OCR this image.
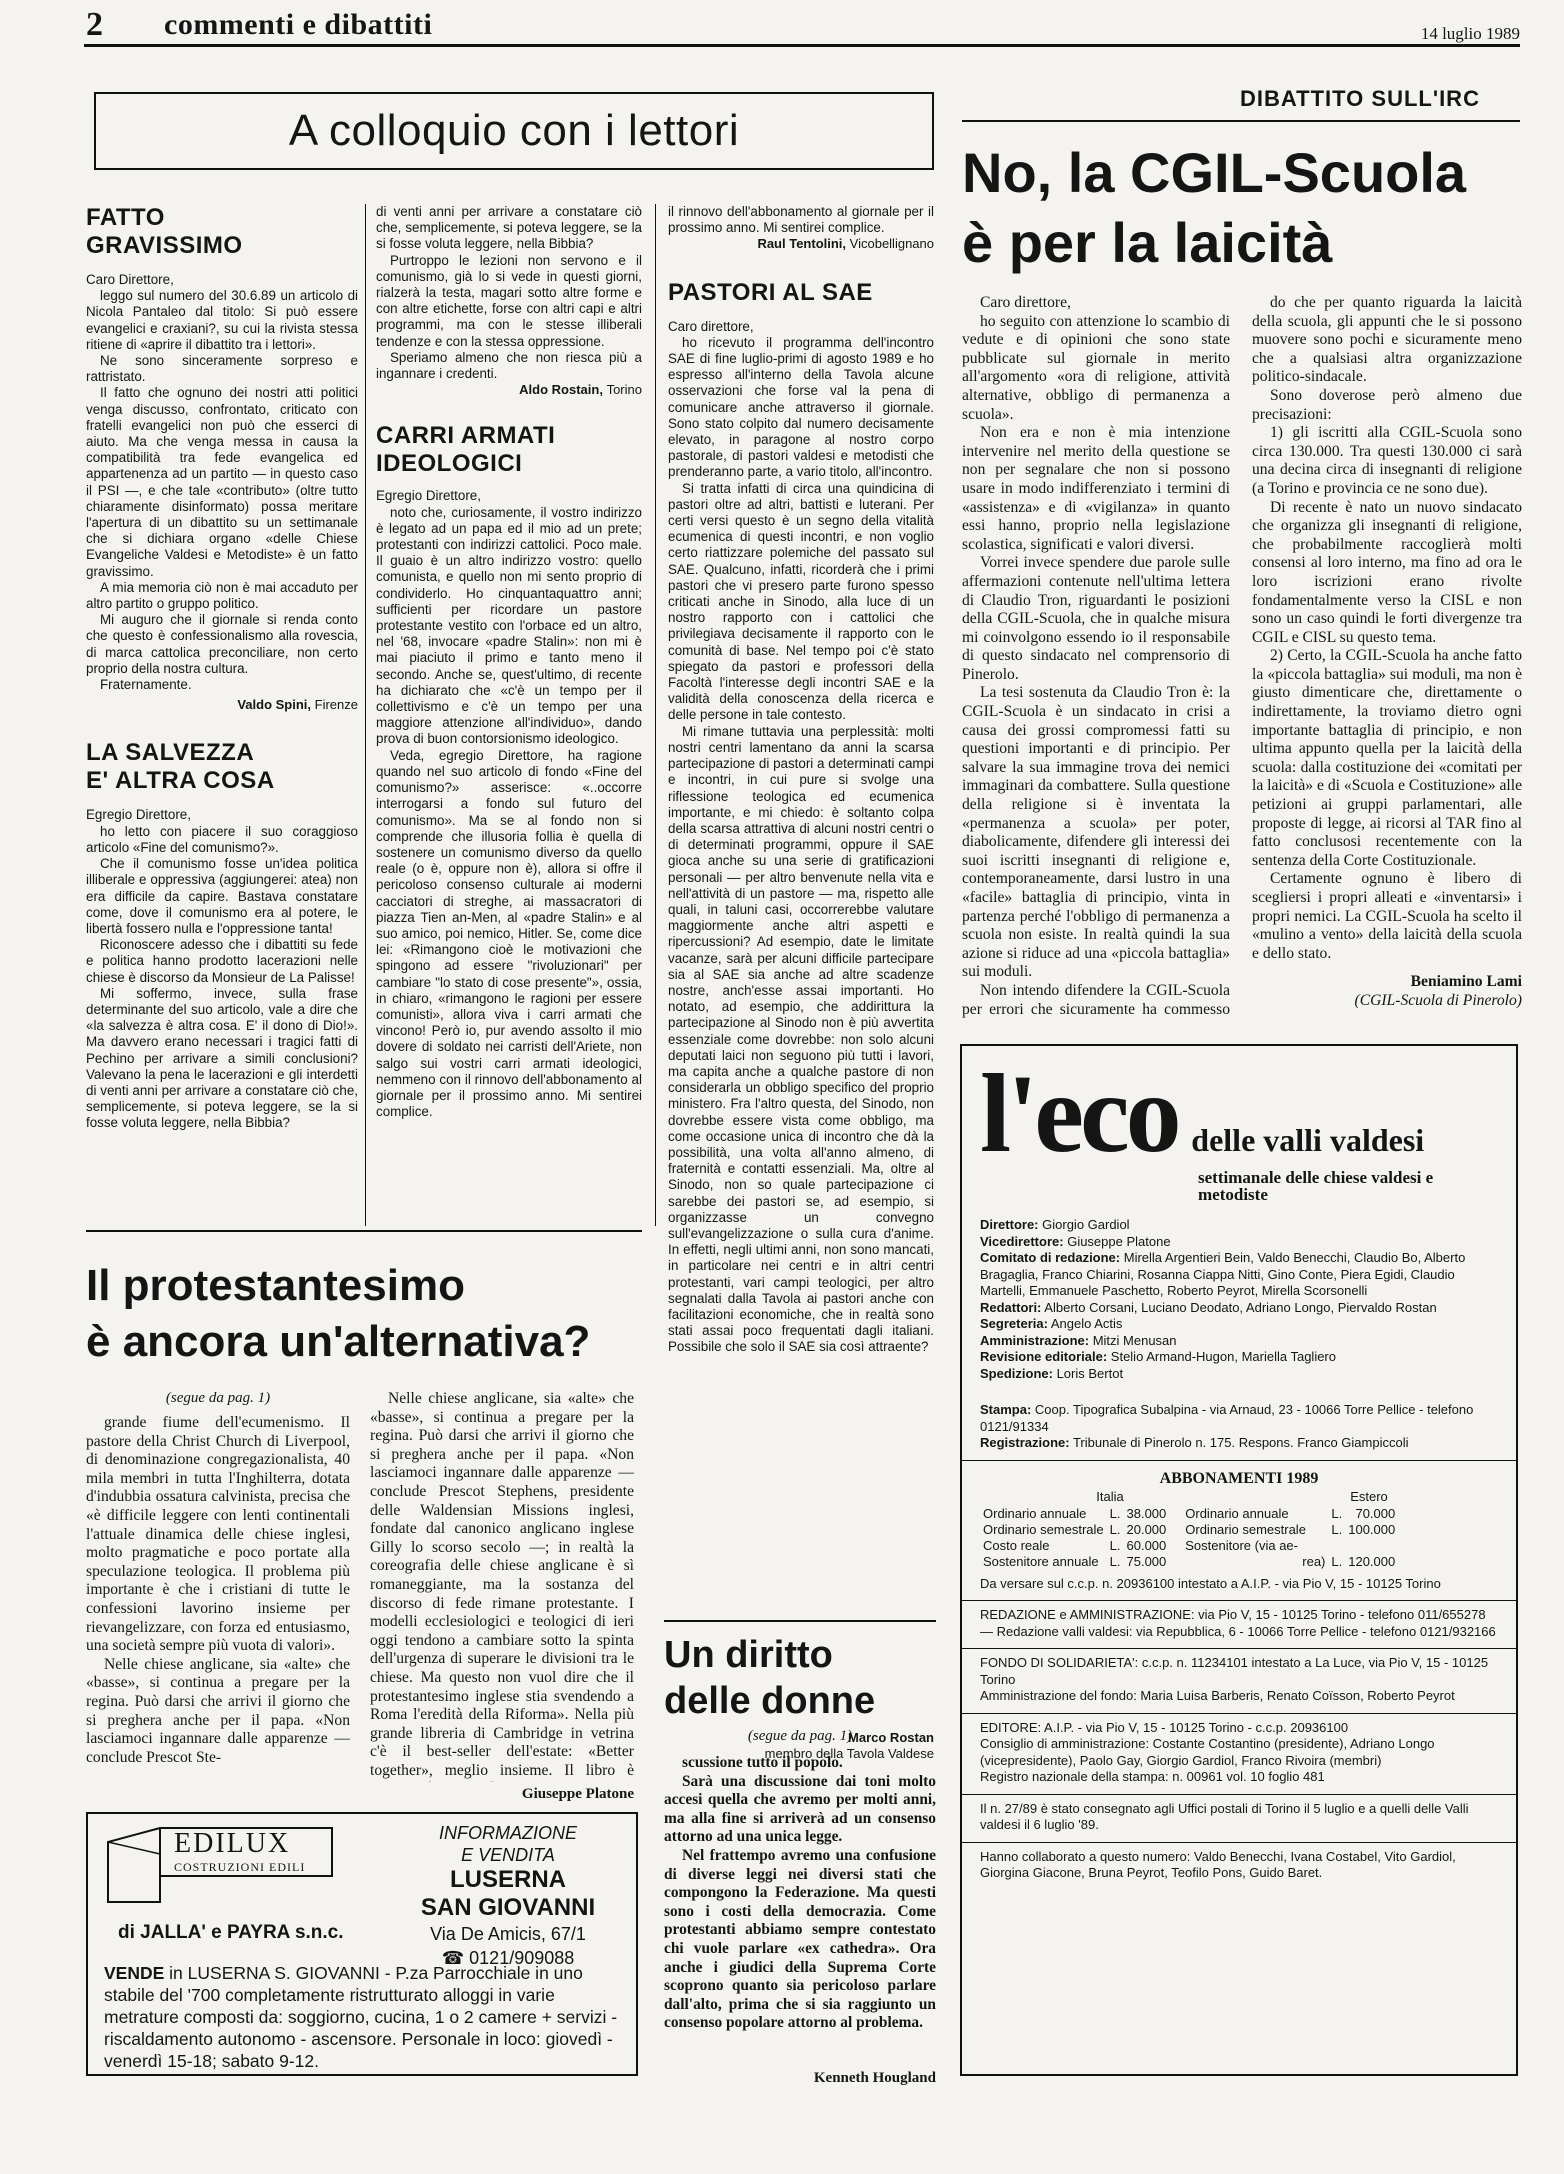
2 commenti e dibattiti	14 luglio 1989
A colloquio con i lettori
FATTO
GRAVISSIMO

Caro Direttore,

leggo sul numero del 30.6.89 un articolo di Nicola Pantaleo dal titolo: Si può essere evangelici e craxiani?, su cui la rivista stessa ritiene di «aprire il dibattito tra i lettori».

Ne sono sinceramente sorpreso e rattristato.

Il fatto che ognuno dei nostri atti politici venga discusso, confrontato, criticato con fratelli evangelici non può che esserci di aiuto. Ma che venga messa in causa la compatibilità tra fede evangelica ed appartenenza ad un partito — in questo caso il PSI —, e che tale «contributo» (oltre tutto chiaramente disinformato) possa meritare l'apertura di un dibattito su un settimanale che si dichiara organo «delle Chiese Evangeliche Valdesi e Metodiste» è un fatto gravissimo.

A mia memoria ciò non è mai accaduto per altro partito o gruppo politico.

Mi auguro che il giornale si renda conto che questo è confessionalismo alla rovescia, di marca cattolica preconciliare, non certo proprio della nostra cultura.

Fraternamente.

Valdo Spini, Firenze
LA SALVEZZA
E' ALTRA COSA

Egregio Direttore,

ho letto con piacere il suo coraggioso articolo «Fine del comunismo?».

Che il comunismo fosse un'idea politica illiberale e oppressiva (aggiungerei: atea) non era difficile da capire. Bastava constatare come, dove il comunismo era al potere, le libertà fossero nulla e l'oppressione tanta!

Riconoscere adesso che i dibattiti su fede e politica hanno prodotto lacerazioni nelle chiese è discorso da Monsieur de La Palisse!

Mi soffermo, invece, sulla frase determinante del suo articolo, vale a dire che «la salvezza è altra cosa. E' il dono di Dio!». Ma davvero erano necessari i tragici fatti di Pechino per arrivare a simili conclusioni? Valevano la pena le lacerazioni e gli interdetti di venti anni per arrivare a constatare ciò che, semplicemente, si poteva leggere, se la si fosse voluta leggere, nella Bibbia?

di venti anni per arrivare a constatare ciò che, semplicemente, si poteva leggere, se la si fosse voluta leggere, nella Bibbia?

Purtroppo le lezioni non servono e il comunismo, già lo si vede in questi giorni, rialzerà la testa, magari sotto altre forme e con altre etichette, forse con altri capi e altri programmi, ma con le stesse illiberali tendenze e con la stessa oppressione.

Speriamo almeno che non riesca più a ingannare i credenti.

Aldo Rostain, Torino
CARRI ARMATI
IDEOLOGICI

Egregio Direttore,

noto che, curiosamente, il vostro indirizzo è legato ad un papa ed il mio ad un prete; protestanti con indirizzi cattolici. Poco male. Il guaio è un altro indirizzo vostro: quello comunista, e quello non mi sento proprio di condividerlo. Ho cinquantaquattro anni; sufficienti per ricordare un pastore protestante vestito con l'orbace ed un altro, nel '68, invocare «padre Stalin»: non mi è mai piaciuto il primo e tanto meno il secondo. Anche se, quest'ultimo, di recente ha dichiarato che «c'è un tempo per il collettivismo e c'è un tempo per una maggiore attenzione all'individuo», dando prova di buon contorsionismo ideologico.

Veda, egregio Direttore, ha ragione quando nel suo articolo di fondo «Fine del comunismo?» asserisce: «..occorre interrogarsi a fondo sul futuro del comunismo». Ma se al fondo non si comprende che illusoria follia è quella di sostenere un comunismo diverso da quello reale (o è, oppure non è), allora si offre il pericoloso consenso culturale ai moderni cacciatori di streghe, ai massacratori di piazza Tien an-Men, al «padre Stalin» e al suo amico, poi nemico, Hitler. Se, come dice lei: «Rimangono cioè le motivazioni che spingono ad essere "rivoluzionari" per cambiare "lo stato di cose presente"», ossia, in chiaro, «rimangono le ragioni per essere comunisti», allora viva i carri armati che vincono! Però io, pur avendo assolto il mio dovere di soldato nei carristi dell'Ariete, non salgo sui vostri carri armati ideologici, nemmeno con il rinnovo dell'abbonamento al giornale per il prossimo anno. Mi sentirei complice.

il rinnovo dell'abbonamento al giornale per il prossimo anno. Mi sentirei complice.

Raul Tentolini, Vicobellignano
PASTORI AL SAE

Caro direttore,

ho ricevuto il programma dell'incontro SAE di fine luglio-primi di agosto 1989 e ho espresso all'interno della Tavola alcune osservazioni che forse val la pena di comunicare anche attraverso il giornale. Sono stato colpito dal numero decisamente elevato, in paragone al nostro corpo pastorale, di pastori valdesi e metodisti che prenderanno parte, a vario titolo, all'incontro.

Si tratta infatti di circa una quindicina di pastori oltre ad altri, battisti e luterani. Per certi versi questo è un segno della vitalità ecumenica di questi incontri, e non voglio certo riattizzare polemiche del passato sul SAE. Qualcuno, infatti, ricorderà che i primi pastori che vi presero parte furono spesso criticati anche in Sinodo, alla luce di un nostro rapporto con i cattolici che privilegiava decisamente il rapporto con le comunità di base. Nel tempo poi c'è stato spiegato da pastori e professori della Facoltà l'interesse degli incontri SAE e la validità della conoscenza della ricerca e delle persone in tale contesto.

Mi rimane tuttavia una perplessità: molti nostri centri lamentano da anni la scarsa partecipazione di pastori a determinati campi e incontri, in cui pure si svolge una riflessione teologica ed ecumenica importante, e mi chiedo: è soltanto colpa della scarsa attrattiva di alcuni nostri centri o di determinati programmi, oppure il SAE gioca anche su una serie di gratificazioni personali — per altro benvenute nella vita e nell'attività di un pastore — ma, rispetto alle quali, in taluni casi, occorrerebbe valutare maggiormente anche altri aspetti e ripercussioni? Ad esempio, date le limitate vacanze, sarà per alcuni difficile partecipare sia al SAE sia anche ad altre scadenze nostre, anch'esse assai importanti. Ho notato, ad esempio, che addirittura la partecipazione al Sinodo non è più avvertita essenziale come dovrebbe: non solo alcuni deputati laici non seguono più tutti i lavori, ma capita anche a qualche pastore di non considerarla un obbligo specifico del proprio ministero. Fra l'altro questa, del Sinodo, non dovrebbe essere vista come obbligo, ma come occasione unica di incontro che dà la possibilità, una volta all'anno almeno, di fraternità e contatti essenziali. Ma, oltre al Sinodo, non so quale partecipazione ci sarebbe dei pastori se, ad esempio, si organizzasse un convegno sull'evangelizzazione o sulla cura d'anime. In effetti, negli ultimi anni, non sono mancati, in particolare nei centri e in altri centri protestanti, vari campi teologici, per altro segnalati dalla Tavola ai pastori anche con facilitazioni economiche, che in realtà sono stati assai poco frequentati dagli italiani. Possibile che solo il SAE sia così attraente?

Marco Rostan
membro della Tavola Valdese
DIBATTITO SULL'IRC
No, la CGIL-Scuola
è per la laicità

Caro direttore,

ho seguito con attenzione lo scambio di vedute e di opinioni che sono state pubblicate sul giornale in merito all'argomento «ora di religione, attività alternative, obbligo di permanenza a scuola».

Non era e non è mia intenzione intervenire nel merito della questione se non per segnalare che non si possono usare in modo indifferenziato i termini di «assistenza» e di «vigilanza» in quanto essi hanno, proprio nella legislazione scolastica, significati e valori diversi.

Vorrei invece spendere due parole sulle affermazioni contenute nell'ultima lettera di Claudio Tron, riguardanti le posizioni della CGIL-Scuola, che in qualche misura mi coinvolgono essendo io il responsabile di questo sindacato nel comprensorio di Pinerolo.

La tesi sostenuta da Claudio Tron è: la CGIL-Scuola è un sindacato in crisi a causa dei grossi compromessi fatti su questioni importanti e di principio. Per salvare la sua immagine trova dei nemici immaginari da combattere. Sulla questione della religione si è inventata la «permanenza a scuola» per poter, diabolicamente, difendere gli interessi dei suoi iscritti insegnanti di religione e, contemporaneamente, darsi lustro in una «facile» battaglia di principio, vinta in partenza perché l'obbligo di permanenza a scuola non esiste. In realtà quindi la sua azione si riduce ad una «piccola battaglia» sui moduli.

Non intendo difendere la CGIL-Scuola per errori che sicuramente ha commesso

do che per quanto riguarda la laicità della scuola, gli appunti che le si possono muovere sono pochi e sicuramente meno che a qualsiasi altra organizzazione politico-sindacale.

Sono doverose però almeno due precisazioni:

1) gli iscritti alla CGIL-Scuola sono circa 130.000. Tra questi 130.000 ci sarà una decina circa di insegnanti di religione (a Torino e provincia ce ne sono due).

Di recente è nato un nuovo sindacato che organizza gli insegnanti di religione, che probabilmente raccoglierà molti consensi al loro interno, ma fino ad ora le loro iscrizioni erano rivolte fondamentalmente verso la CISL e non sono un caso quindi le forti divergenze tra CGIL e CISL su questo tema.

2) Certo, la CGIL-Scuola ha anche fatto la «piccola battaglia» sui moduli, ma non è giusto dimenticare che, direttamente o indirettamente, la troviamo dietro ogni importante battaglia di principio, e non ultima appunto quella per la laicità della scuola: dalla costituzione dei «comitati per la laicità» e di «Scuola e Costituzione» alle petizioni ai gruppi parlamentari, alle proposte di legge, ai ricorsi al TAR fino al fatto conclusosi recentemente con la sentenza della Corte Costituzionale.

Certamente ognuno è libero di scegliersi i propri alleati e «inventarsi» i propri nemici. La CGIL-Scuola ha scelto il «mulino a vento» della laicità della scuola e dello stato.

Beniamino Lami
(CGIL-Scuola di Pinerolo)
l'eco delle valli valdesi
settimanale delle chiese valdesi e metodiste

Direttore: Giorgio Gardiol

Vicedirettore: Giuseppe Platone

Comitato di redazione: Mirella Argentieri Bein, Valdo Benecchi, Claudio Bo, Alberto Bragaglia, Franco Chiarini, Rosanna Ciappa Nitti, Gino Conte, Piera Egidi, Claudio Martelli, Emmanuele Paschetto, Roberto Peyrot, Mirella Scorsonelli

Redattori: Alberto Corsani, Luciano Deodato, Adriano Longo, Piervaldo Rostan

Segreteria: Angelo Actis

Amministrazione: Mitzi Menusan

Revisione editoriale: Stelio Armand-Hugon, Mariella Tagliero

Spedizione: Loris Bertot

Stampa: Coop. Tipografica Subalpina - via Arnaud, 23 - 10066 Torre Pellice - telefono 0121/91334

Registrazione: Tribunale di Pinerolo n. 175. Respons. Franco Giampiccoli

ABBONAMENTI 1989
Italia	Estero
Ordinario annuale	L.	38.000	Ordinario annuale	L.	70.000
Ordinario semestrale	L.	20.000	Ordinario semestrale	L.	100.000
Costo reale	L.	60.000	Sostenitore (via ae-		
Sostenitore annuale	L.	75.000	rea)	L.	120.000

Da versare sul c.c.p. n. 20936100 intestato a A.I.P. - via Pio V, 15 - 10125 Torino

REDAZIONE e AMMINISTRAZIONE: via Pio V, 15 - 10125 Torino - telefono 011/655278 — Redazione valli valdesi: via Repubblica, 6 - 10066 Torre Pellice - telefono 0121/932166

FONDO DI SOLIDARIETA': c.c.p. n. 11234101 intestato a La Luce, via Pio V, 15 - 10125 Torino

Amministrazione del fondo: Maria Luisa Barberis, Renato Coïsson, Roberto Peyrot

EDITORE: A.I.P. - via Pio V, 15 - 10125 Torino - c.c.p. 20936100

Consiglio di amministrazione: Costante Costantino (presidente), Adriano Longo (vicepresidente), Paolo Gay, Giorgio Gardiol, Franco Rivoira (membri)

Registro nazionale della stampa: n. 00961 vol. 10 foglio 481

Il n. 27/89 è stato consegnato agli Uffici postali di Torino il 5 luglio e a quelli delle Valli valdesi il 6 luglio '89.

Hanno collaborato a questo numero: Valdo Benecchi, Ivana Costabel, Vito Gardiol, Giorgina Giacone, Bruna Peyrot, Teofilo Pons, Guido Baret.

Il protestantesimo
è ancora un'alternativa?
(segue da pag. 1)

grande fiume dell'ecumenismo. Il pastore della Christ Church di Liverpool, di denominazione congregazionalista, 40 mila membri in tutta l'Inghilterra, dotata d'indubbia ossatura calvinista, precisa che «è difficile leggere con lenti continentali l'attuale dinamica delle chiese inglesi, molto pragmatiche e poco portate alla speculazione teologica. Il problema più importante è che i cristiani di tutte le confessioni lavorino insieme per rievangelizzare, con forza ed entusiasmo, una società sempre più vuota di valori».

Nelle chiese anglicane, sia «alte» che «basse», si continua a pregare per la regina. Può darsi che arrivi il giorno che si preghera anche per il papa. «Non lasciamoci ingannare dalle apparenze — conclude Prescot Ste-

Nelle chiese anglicane, sia «alte» che «basse», si continua a pregare per la regina. Può darsi che arrivi il giorno che si preghera anche per il papa. «Non lasciamoci ingannare dalle apparenze — conclude Prescot Stephens, presidente delle Waldensian Missions inglesi, fondate dal canonico anglicano inglese Gilly lo scorso secolo —; in realtà la coreografia delle chiese anglicane è sì romaneggiante, ma la sostanza del discorso di fede rimane protestante. I modelli ecclesiologici e teologici di ieri oggi tendono a cambiare sotto la spinta dell'urgenza di superare le divisioni tra le chiese. Ma questo non vuol dire che il protestantesimo inglese stia svendendo a Roma l'eredità della Riforma». Nella più grande libreria di Cambridge in vetrina c'è il best-seller dell'estate: «Better together», meglio insieme. Il libro è

Giuseppe Platone
Un diritto
delle donne
(segue da pag. 1)

scussione tutto il popolo.

Sarà una discussione dai toni molto accesi quella che avremo per molti anni, ma alla fine si arriverà ad un consenso attorno ad una unica legge.

Nel frattempo avremo una confusione di diverse leggi nei diversi stati che compongono la Federazione. Ma questi sono i costi della democrazia. Come protestanti abbiamo sempre contestato chi vuole parlare «ex cathedra». Ora anche i giudici della Suprema Corte scoprono quanto sia pericoloso parlare dall'alto, prima che si sia raggiunto un consenso popolare attorno al problema.

Kenneth Hougland
EDILUX
COSTRUZIONI EDILI
di JALLA' e PAYRA s.n.c.
INFORMAZIONE
E VENDITA
LUSERNA
SAN GIOVANNI
Via De Amicis, 67/1
☎ 0121/909088
VENDE in LUSERNA S. GIOVANNI - P.za Parrocchiale in uno stabile del '700 completamente ristrutturato alloggi in varie metrature composti da: soggiorno, cucina, 1 o 2 camere + servizi - riscaldamento autonomo - ascensore. Personale in loco: giovedì - venerdì 15-18; sabato 9-12.
